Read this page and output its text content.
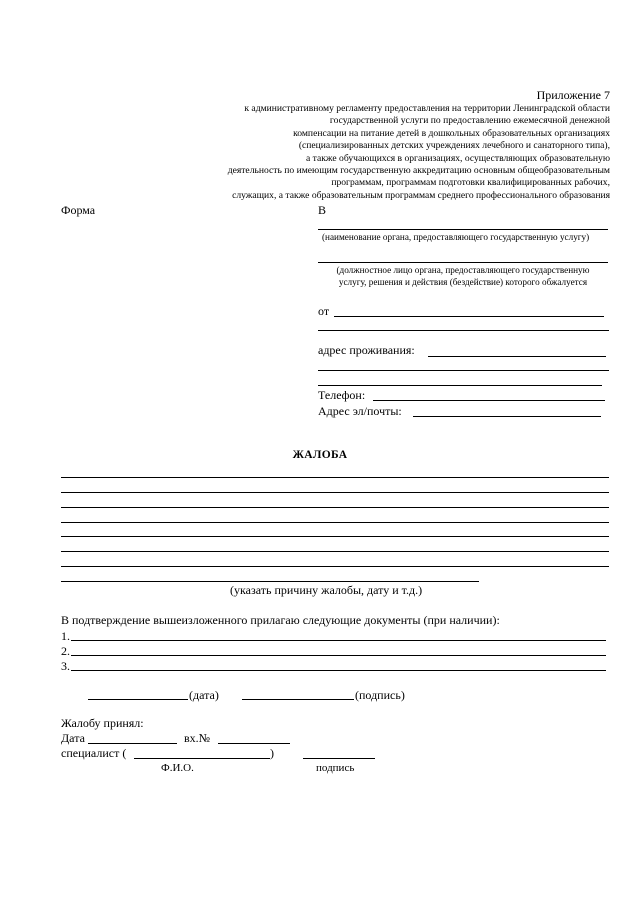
Приложение 7
к административному регламенту предоставления на территории Ленинградской области
государственной услуги по предоставлению ежемесячной денежной
компенсации на питание детей в дошкольных образовательных организациях
(специализированных детских учреждениях лечебного и санаторного типа),
а также обучающихся в организациях, осуществляющих образовательную
деятельность по имеющим государственную аккредитацию основным общеобразовательным
программам, программам подготовки квалифицированных рабочих,
служащих, а также образовательным программам среднего профессионального образования
Форма	В
(наименование органа, предоставляющего государственную услугу)
(должностное лицо органа, предоставляющего государственную
услугу, решения и действия (бездействие) которого обжалуется
от
адрес проживания:
Телефон:
Адрес эл/почты:
ЖАЛОБА
(указать причину жалобы, дату и т.д.)
В подтверждение вышеизложенного прилагаю следующие документы (при наличии):
1.
2.
3.
(дата)	(подпись)
Жалобу принял:
Дата	вх.№
специалист (	)
Ф.И.О.	подпись
